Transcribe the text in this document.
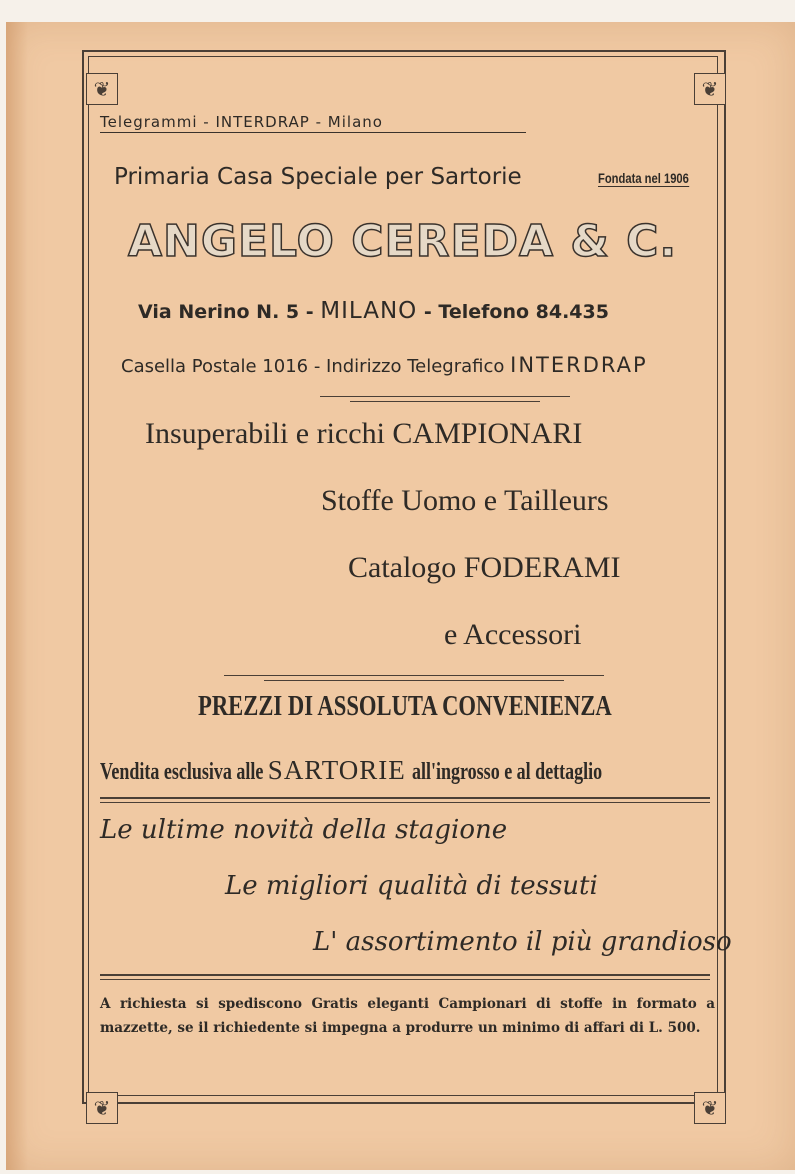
❦	❦
❦	❦
Telegrammi - INTERDRAP - Milano
Primaria Casa Speciale per Sartorie	Fondata nel 1906
ANGELO CEREDA & C.
Via Nerino N. 5 - MILANO - Telefono 84.435
Casella Postale 1016 - Indirizzo Telegrafico INTERDRAP
Insuperabili e ricchi CAMPIONARI
Stoffe Uomo e Tailleurs
Catalogo FODERAMI
e Accessori
PREZZI DI ASSOLUTA CONVENIENZA
Vendita esclusiva alle SARTORIE all'ingrosso e al dettaglio
Le ultime novità della stagione
Le migliori qualità di tessuti
L' assortimento il più grandioso
A richiesta si spediscono Gratis eleganti Campionari di stoffe in formato a mazzette, se il richiedente si impegna a produrre un minimo di affari di L. 500.
